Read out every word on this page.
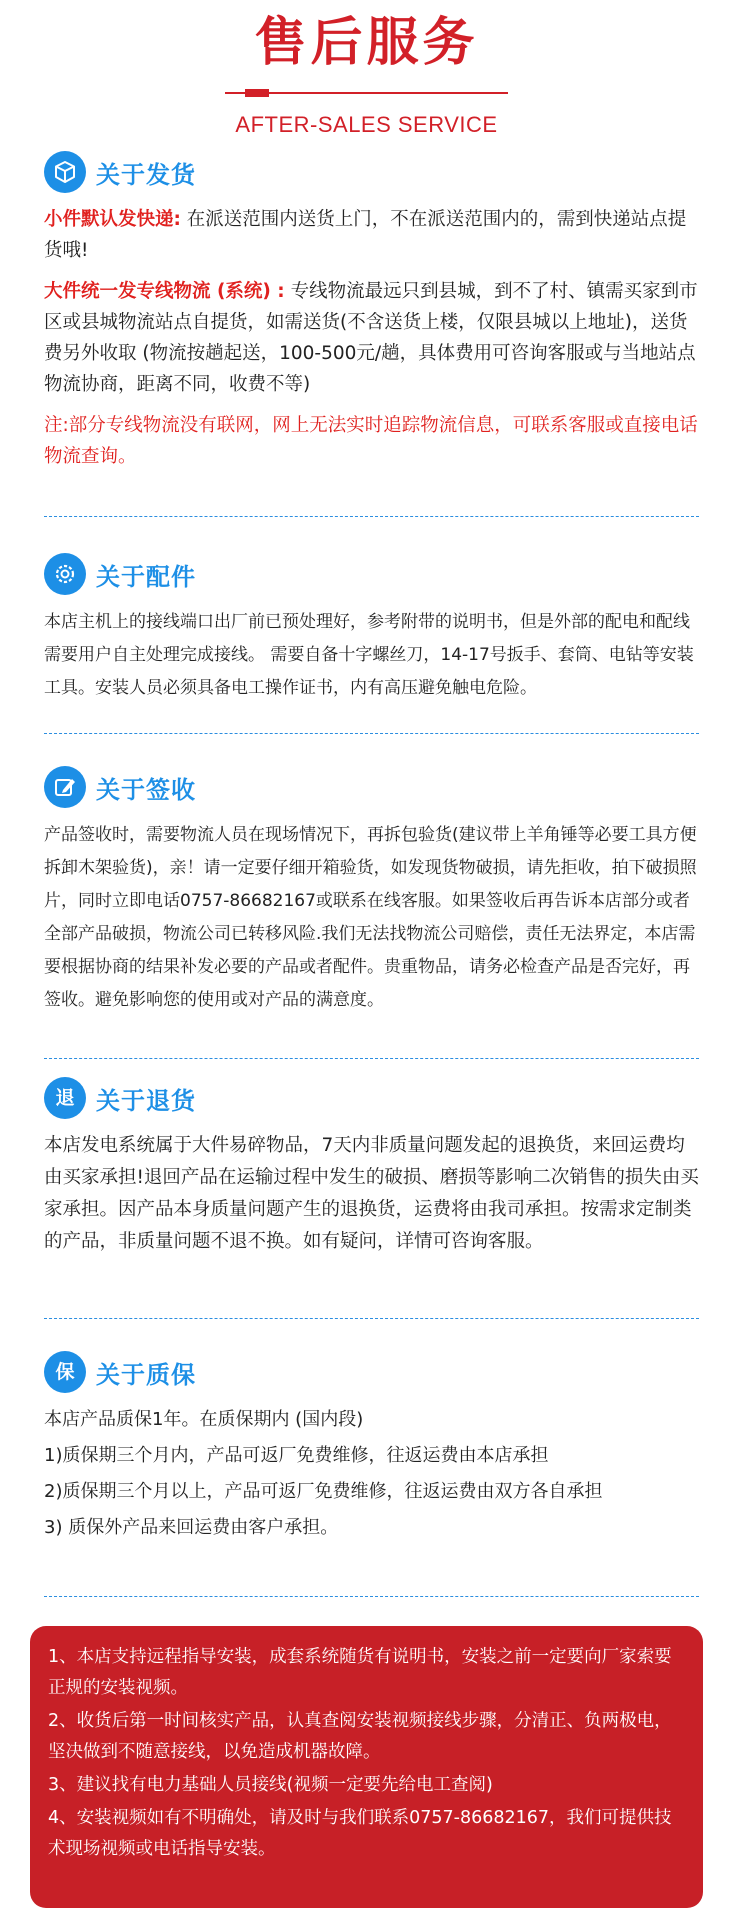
售后服务
AFTER-SALES SERVICE
关于发货
小件默认发快递: 在派送范围内送货上门，不在派送范围内的，需到快递站点提货哦!
大件统一发专线物流 (系统) : 专线物流最远只到县城，到不了村、镇需买家到市区或县城物流站点自提货，如需送货(不含送货上楼，仅限县城以上地址)，送货费另外收取 (物流按趟起送，100-500元/趟，具体费用可咨询客服或与当地站点物流协商，距离不同，收费不等)
注:部分专线物流没有联网，网上无法实时追踪物流信息，可联系客服或直接电话物流查询。
关于配件
本店主机上的接线端口出厂前已预处理好，参考附带的说明书，但是外部的配电和配线需要用户自主处理完成接线。 需要自备十字螺丝刀，14-17号扳手、套筒、电钻等安装工具。安装人员必须具备电工操作证书，内有高压避免触电危险。
关于签收
产品签收时，需要物流人员在现场情况下，再拆包验货(建议带上羊角锤等必要工具方便拆卸木架验货)，亲！请一定要仔细开箱验货，如发现货物破损，请先拒收，拍下破损照片，同时立即电话0757-86682167或联系在线客服。如果签收后再告诉本店部分或者全部产品破损，物流公司已转移风险.我们无法找物流公司赔偿，责任无法界定，本店需要根据协商的结果补发必要的产品或者配件。贵重物品，请务必检查产品是否完好，再签收。避免影响您的使用或对产品的满意度。
退 关于退货
本店发电系统属于大件易碎物品，7天内非质量问题发起的退换货，来回运费均由买家承担!退回产品在运输过程中发生的破损、磨损等影响二次销售的损失由买家承担。因产品本身质量问题产生的退换货，运费将由我司承担。按需求定制类的产品，非质量问题不退不换。如有疑问，详情可咨询客服。
保 关于质保
本店产品质保1年。在质保期内 (国内段)
1)质保期三个月内，产品可返厂免费维修，往返运费由本店承担
2)质保期三个月以上，产品可返厂免费维修，往返运费由双方各自承担
3) 质保外产品来回运费由客户承担。
1、本店支持远程指导安装，成套系统随货有说明书，安装之前一定要向厂家索要正规的安装视频。
2、收货后第一时间核实产品，认真查阅安装视频接线步骤，分清正、负两极电，坚决做到不随意接线，以免造成机器故障。
3、建议找有电力基础人员接线(视频一定要先给电工查阅)
4、安装视频如有不明确处，请及时与我们联系0757-86682167，我们可提供技术现场视频或电话指导安装。
